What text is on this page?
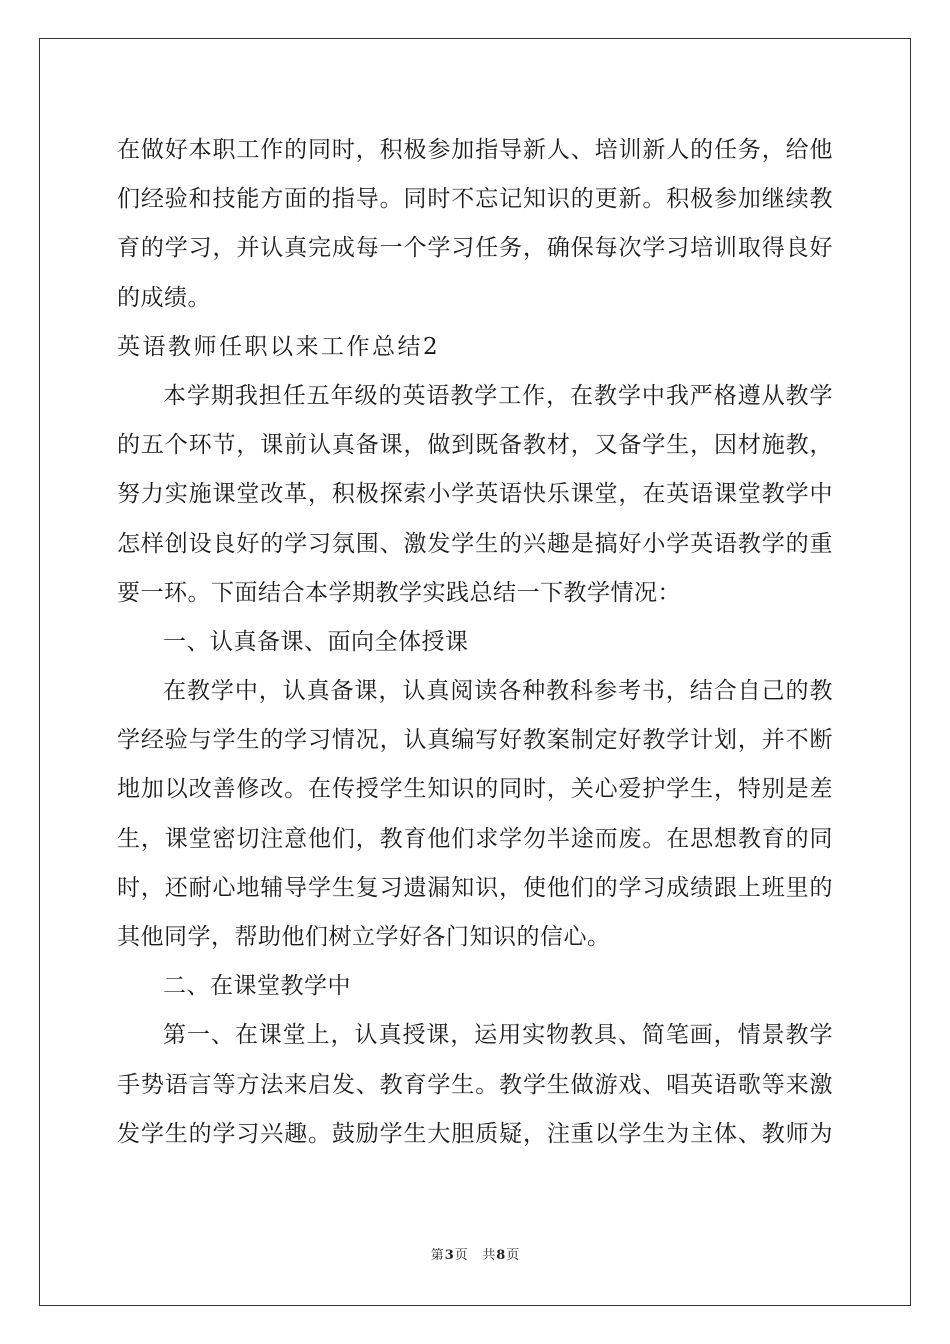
在做好本职工作的同时，积极参加指导新人、培训新人的任务，给他
们经验和技能方面的指导。同时不忘记知识的更新。积极参加继续教
育的学习，并认真完成每一个学习任务，确保每次学习培训取得良好
的成绩。
英语教师任职以来工作总结2
本学期我担任五年级的英语教学工作，在教学中我严格遵从教学
的五个环节，课前认真备课，做到既备教材，又备学生，因材施教，
努力实施课堂改革，积极探索小学英语快乐课堂，在英语课堂教学中
怎样创设良好的学习氛围、激发学生的兴趣是搞好小学英语教学的重
要一环。下面结合本学期教学实践总结一下教学情况：
一、认真备课、面向全体授课
在教学中，认真备课，认真阅读各种教科参考书，结合自己的教
学经验与学生的学习情况，认真编写好教案制定好教学计划，并不断
地加以改善修改。在传授学生知识的同时，关心爱护学生，特别是差
生，课堂密切注意他们，教育他们求学勿半途而废。在思想教育的同
时，还耐心地辅导学生复习遗漏知识，使他们的学习成绩跟上班里的
其他同学，帮助他们树立学好各门知识的信心。
二、在课堂教学中
第一、在课堂上，认真授课，运用实物教具、简笔画，情景教学
手势语言等方法来启发、教育学生。教学生做游戏、唱英语歌等来激
发学生的学习兴趣。鼓励学生大胆质疑，注重以学生为主体、教师为
第3页 共8页
